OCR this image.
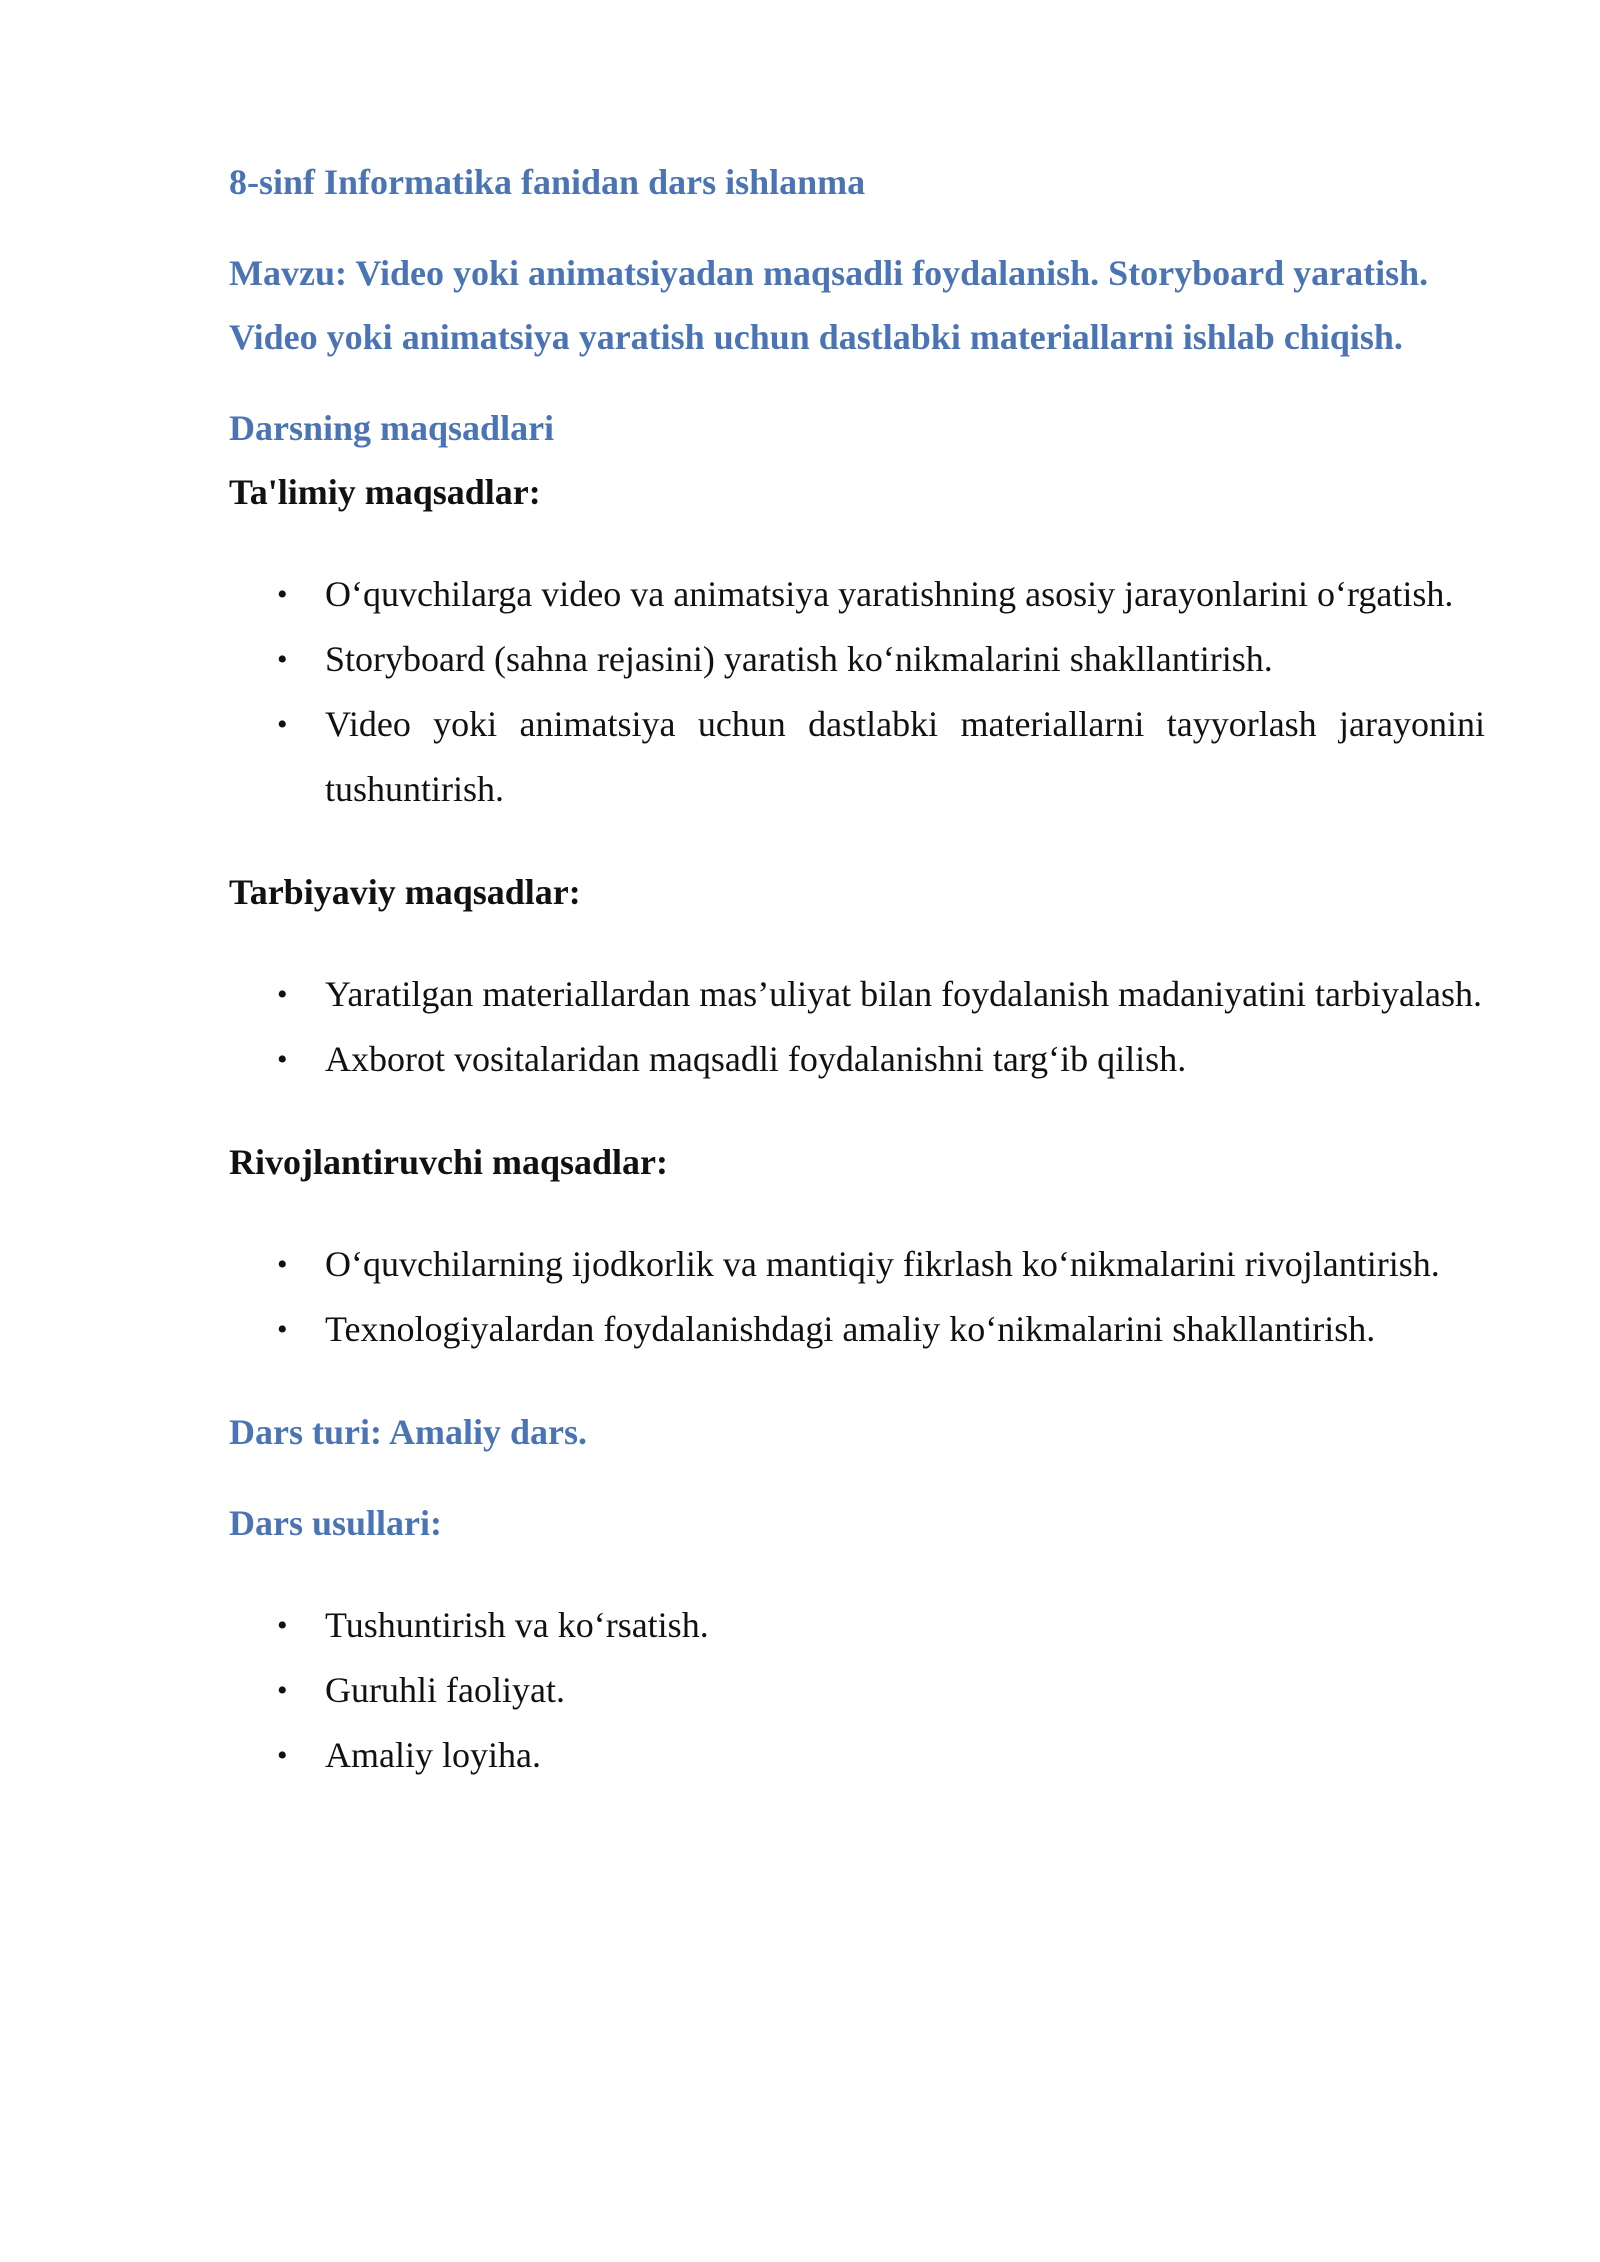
8-sinf Informatika fanidan dars ishlanma

Mavzu: Video yoki animatsiyadan maqsadli foydalanish. Storyboard yaratish. Video yoki animatsiya yaratish uchun dastlabki materiallarni ishlab chiqish.

Darsning maqsadlari

Ta'limiy maqsadlar:

• O‘quvchilarga video va animatsiya yaratishning asosiy jarayonlarini o‘rgatish.
• Storyboard (sahna rejasini) yaratish ko‘nikmalarini shakllantirish.
• Video yoki animatsiya uchun dastlabki materiallarni tayyorlash jarayonini tushuntirish.

Tarbiyaviy maqsadlar:

• Yaratilgan materiallardan mas’uliyat bilan foydalanish madaniyatini tarbiyalash.
• Axborot vositalaridan maqsadli foydalanishni targ‘ib qilish.

Rivojlantiruvchi maqsadlar:

• O‘quvchilarning ijodkorlik va mantiqiy fikrlash ko‘nikmalarini rivojlantirish.
• Texnologiyalardan foydalanishdagi amaliy ko‘nikmalarini shakllantirish.

Dars turi: Amaliy dars.

Dars usullari:

• Tushuntirish va ko‘rsatish.
• Guruhli faoliyat.
• Amaliy loyiha.
